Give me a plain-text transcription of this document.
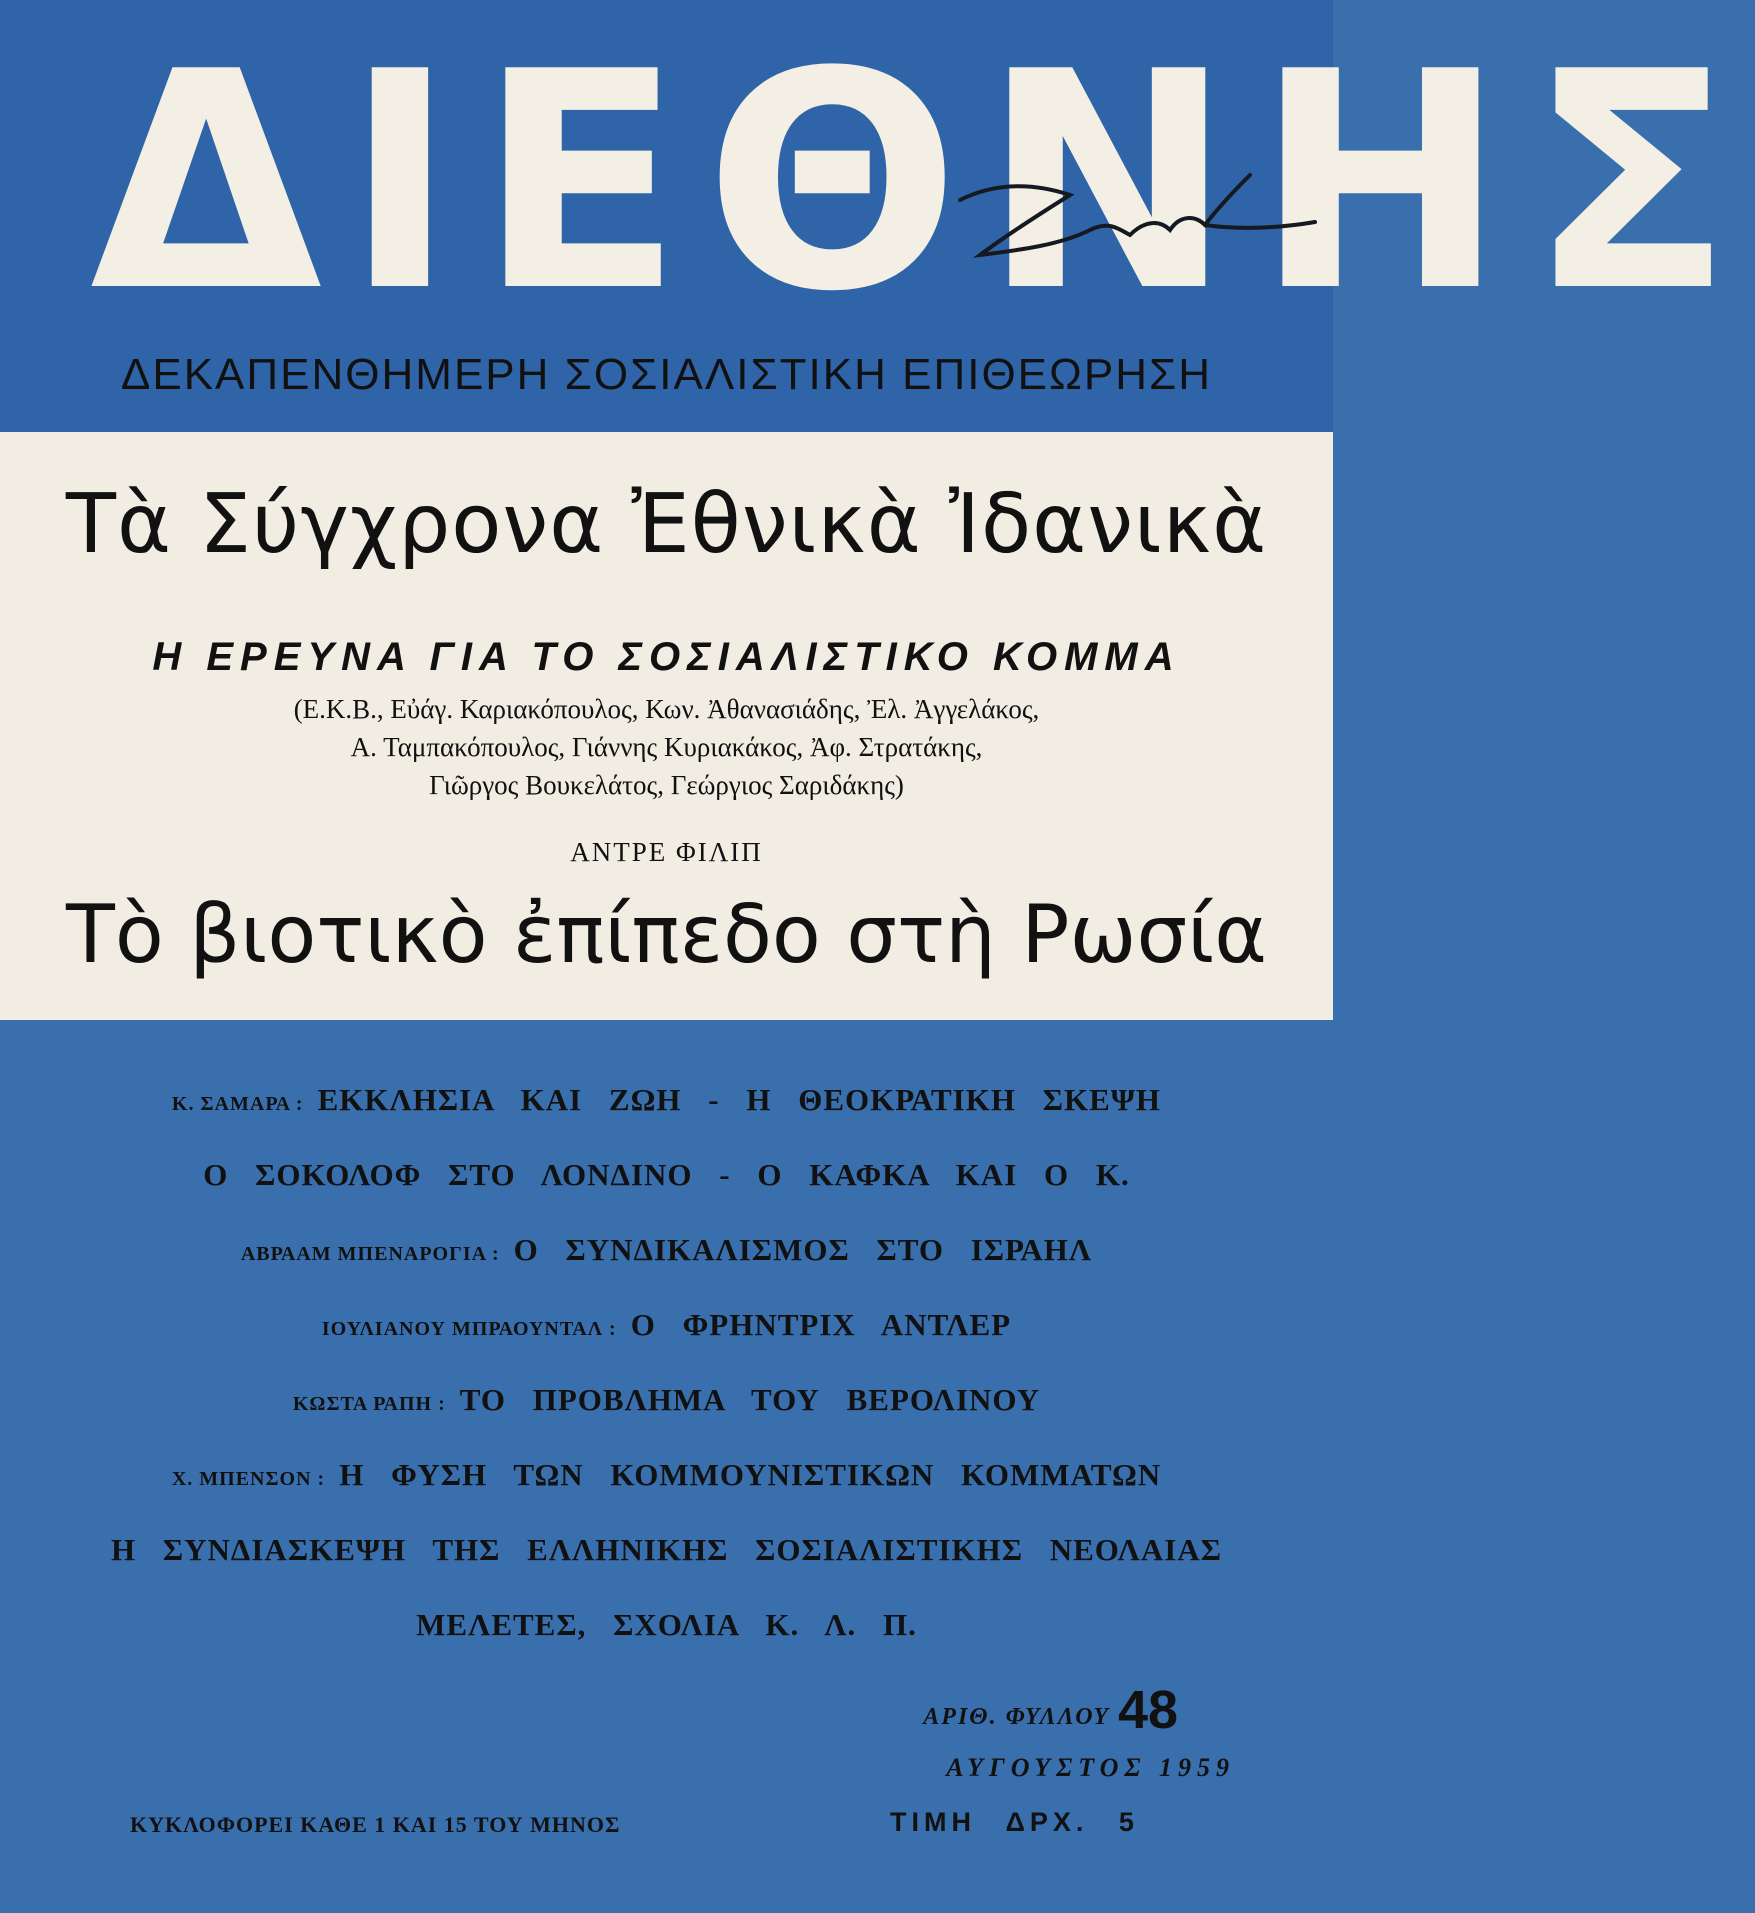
ΔΙΕΘΝΗΣ
ΔΕΚΑΠΕΝΘΗΜΕΡΗ ΣΟΣΙΑΛΙΣΤΙΚΗ ΕΠΙΘΕΩΡΗΣΗ
Τὰ Σύγχρονα Ἐθνικὰ Ἰδανικὰ
Η ΕΡΕΥΝΑ ΓΙΑ ΤΟ ΣΟΣΙΑΛΙΣΤΙΚΟ ΚΟΜΜΑ
(Ε.Κ.Β., Εὐάγ. Καριακόπουλος, Κων. Ἀθανασιάδης, Ἐλ. Ἀγγελάκος,
Α. Ταμπακόπουλος, Γιάννης Κυριακάκος, Ἀφ. Στρατάκης,
Γιῶργος Βουκελάτος, Γεώργιος Σαριδάκης)
ΑΝΤΡΕ ΦΙΛΙΠ
Τὸ βιοτικὸ ἐπίπεδο στὴ Ρωσία
Κ. ΣΑΜΑΡΑ : ΕΚΚΛΗΣΙΑ ΚΑΙ ΖΩΗ - Η ΘΕΟΚΡΑΤΙΚΗ ΣΚΕΨΗ
Ο ΣΟΚΟΛΟΦ ΣΤΟ ΛΟΝΔΙΝΟ - Ο ΚΑΦΚΑ ΚΑΙ Ο Κ.
ΑΒΡΑΑΜ ΜΠΕΝΑΡΟΓΙΑ : Ο ΣΥΝΔΙΚΑΛΙΣΜΟΣ ΣΤΟ ΙΣΡΑΗΛ
ΙΟΥΛΙΑΝΟΥ ΜΠΡΑΟΥΝΤΑΛ : Ο ΦΡΗΝΤΡΙΧ ΑΝΤΛΕΡ
ΚΩΣΤΑ ΡΑΠΗ : ΤΟ ΠΡΟΒΛΗΜΑ ΤΟΥ ΒΕΡΟΛΙΝΟΥ
Χ. ΜΠΕΝΣΟΝ : Η ΦΥΣΗ ΤΩΝ ΚΟΜΜΟΥΝΙΣΤΙΚΩΝ ΚΟΜΜΑΤΩΝ
Η ΣΥΝΔΙΑΣΚΕΨΗ ΤΗΣ ΕΛΛΗΝΙΚΗΣ ΣΟΣΙΑΛΙΣΤΙΚΗΣ ΝΕΟΛΑΙΑΣ
ΜΕΛΕΤΕΣ, ΣΧΟΛΙΑ Κ. Λ. Π.
ΑΡΙΘ. ΦΥΛΛΟΥ 48
ΑΥΓΟΥΣΤΟΣ 1959
ΚΥΚΛΟΦΟΡΕΙ ΚΑΘΕ 1 ΚΑΙ 15 ΤΟΥ ΜΗΝΟΣ	ΤΙΜΗ ΔΡΧ. 5
